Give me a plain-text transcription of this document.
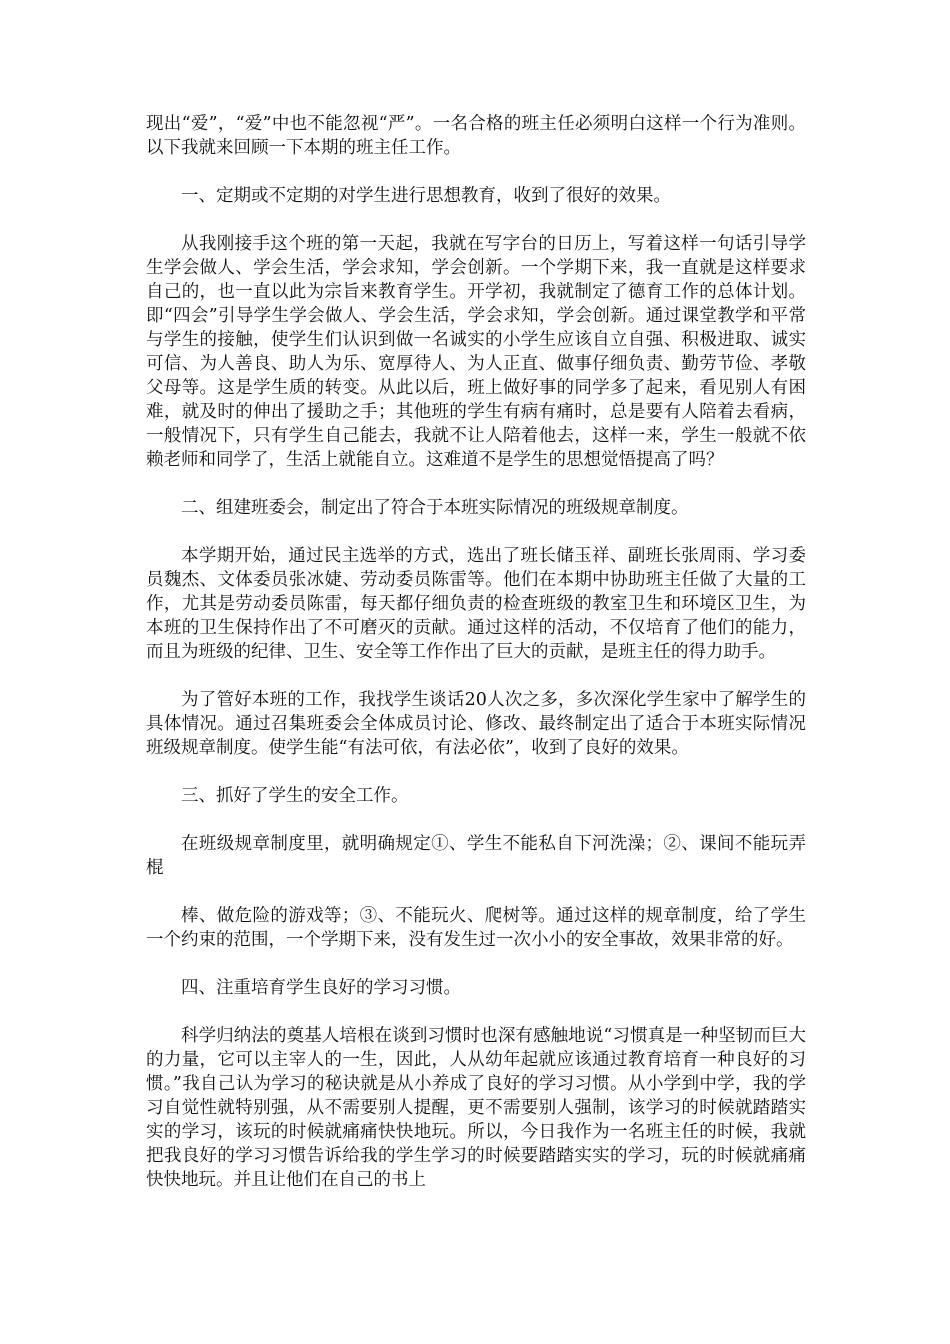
现出“爱”，“爱”中也不能忽视“严”。一名合格的班主任必须明白这样一个行为准则。以下我就来回顾一下本期的班主任工作。

一、定期或不定期的对学生进行思想教育，收到了很好的效果。

从我刚接手这个班的第一天起，我就在写字台的日历上，写着这样一句话引导学生学会做人、学会生活，学会求知，学会创新。一个学期下来，我一直就是这样要求自己的，也一直以此为宗旨来教育学生。开学初，我就制定了德育工作的总体计划。即“四会”引导学生学会做人、学会生活，学会求知，学会创新。通过课堂教学和平常与学生的接触，使学生们认识到做一名诚实的小学生应该自立自强、积极进取、诚实可信、为人善良、助人为乐、宽厚待人、为人正直、做事仔细负责、勤劳节俭、孝敬父母等。这是学生质的转变。从此以后，班上做好事的同学多了起来，看见别人有困难，就及时的伸出了援助之手；其他班的学生有病有痛时，总是要有人陪着去看病，一般情况下，只有学生自己能去，我就不让人陪着他去，这样一来，学生一般就不依赖老师和同学了，生活上就能自立。这难道不是学生的思想觉悟提高了吗？

二、组建班委会，制定出了符合于本班实际情况的班级规章制度。

本学期开始，通过民主选举的方式，选出了班长储玉祥、副班长张周雨、学习委员魏杰、文体委员张冰婕、劳动委员陈雷等。他们在本期中协助班主任做了大量的工作，尤其是劳动委员陈雷，每天都仔细负责的检查班级的教室卫生和环境区卫生，为本班的卫生保持作出了不可磨灭的贡献。通过这样的活动，不仅培育了他们的能力，而且为班级的纪律、卫生、安全等工作作出了巨大的贡献，是班主任的得力助手。

为了管好本班的工作，我找学生谈话20人次之多，多次深化学生家中了解学生的具体情况。通过召集班委会全体成员讨论、修改、最终制定出了适合于本班实际情况班级规章制度。使学生能“有法可依，有法必依”，收到了良好的效果。

三、抓好了学生的安全工作。

在班级规章制度里，就明确规定①、学生不能私自下河洗澡；②、课间不能玩弄棍

棒、做危险的游戏等；③、不能玩火、爬树等。通过这样的规章制度，给了学生一个约束的范围，一个学期下来，没有发生过一次小小的安全事故，效果非常的好。

四、注重培育学生良好的学习习惯。

科学归纳法的奠基人培根在谈到习惯时也深有感触地说“习惯真是一种坚韧而巨大的力量，它可以主宰人的一生，因此，人从幼年起就应该通过教育培育一种良好的习惯。”我自己认为学习的秘诀就是从小养成了良好的学习习惯。从小学到中学，我的学习自觉性就特别强，从不需要别人提醒，更不需要别人强制，该学习的时候就踏踏实实的学习，该玩的时候就痛痛快快地玩。所以，今日我作为一名班主任的时候，我就把我良好的学习习惯告诉给我的学生学习的时候要踏踏实实的学习，玩的时候就痛痛快快地玩。并且让他们在自己的书上
